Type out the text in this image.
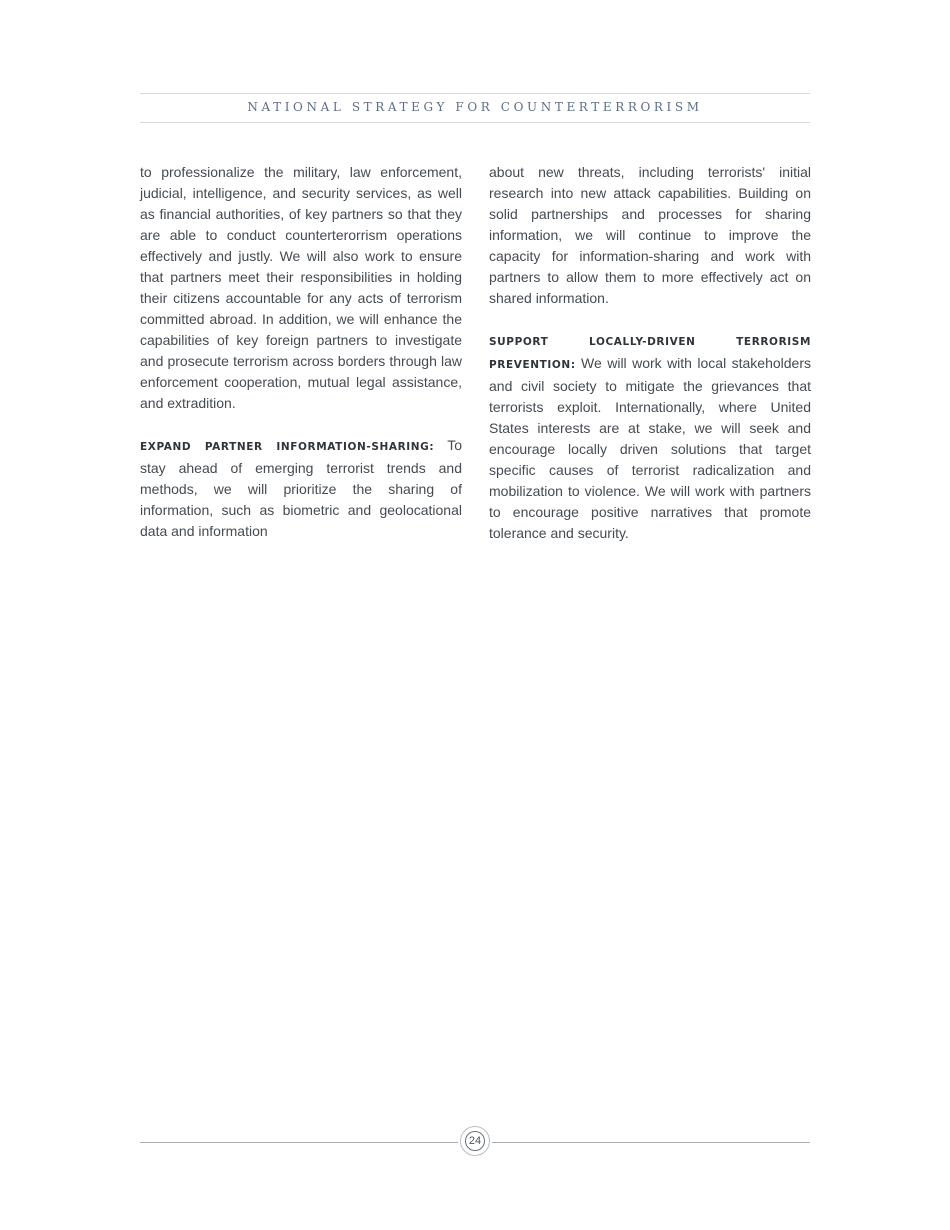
NATIONAL STRATEGY FOR COUNTERTERRORISM

to professionalize the military, law enforcement, judicial, intelligence, and security services, as well as financial authorities, of key partners so that they are able to conduct counterterorrism operations effectively and justly. We will also work to ensure that partners meet their responsibilities in holding their citizens accountable for any acts of terrorism committed abroad. In addition, we will enhance the capabilities of key foreign partners to investigate and prosecute terrorism across borders through law enforcement cooperation, mutual legal assistance, and extradition.

EXPAND PARTNER INFORMATION-SHARING: To stay ahead of emerging terrorist trends and methods, we will prioritize the sharing of information, such as biometric and geolocational data and information

about new threats, including terrorists' initial research into new attack capabilities. Building on solid partnerships and processes for sharing information, we will continue to improve the capacity for information-sharing and work with partners to allow them to more effectively act on shared information.

SUPPORT LOCALLY-DRIVEN TERRORISM PREVENTION: We will work with local stakeholders and civil society to mitigate the grievances that terrorists exploit. Internationally, where United States interests are at stake, we will seek and encourage locally driven solutions that target specific causes of terrorist radicalization and mobilization to violence. We will work with partners to encourage positive narratives that promote tolerance and security.

24
